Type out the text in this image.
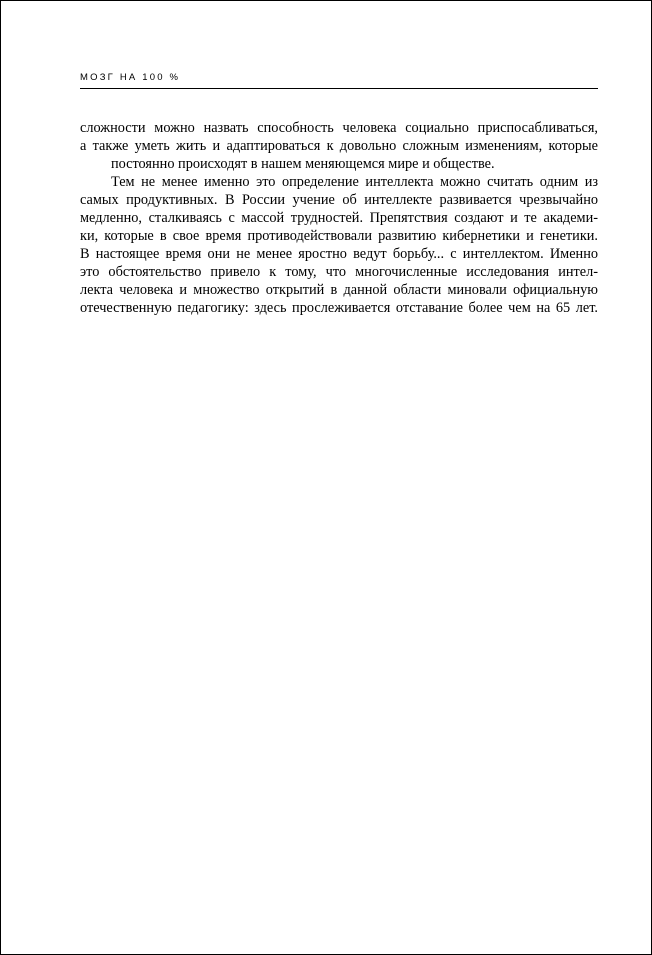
МОЗГ НА 100 %

сложности можно назвать способность человека социально приспосабливаться,
а также уметь жить и адаптироваться к довольно сложным изменениям, которые
постоянно происходят в нашем меняющемся мире и обществе.

Тем не менее именно это определение интеллекта можно считать одним из
самых продуктивных. В России учение об интеллекте развивается чрезвычайно
медленно, сталкиваясь с массой трудностей. Препятствия создают и те академи-
ки, которые в свое время противодействовали развитию кибернетики и генетики.
В настоящее время они не менее яростно ведут борьбу... с интеллектом. Именно
это обстоятельство привело к тому, что многочисленные исследования интел-
лекта человека и множество открытий в данной области миновали официальную
отечественную педагогику: здесь прослеживается отставание более чем на 65 лет.
